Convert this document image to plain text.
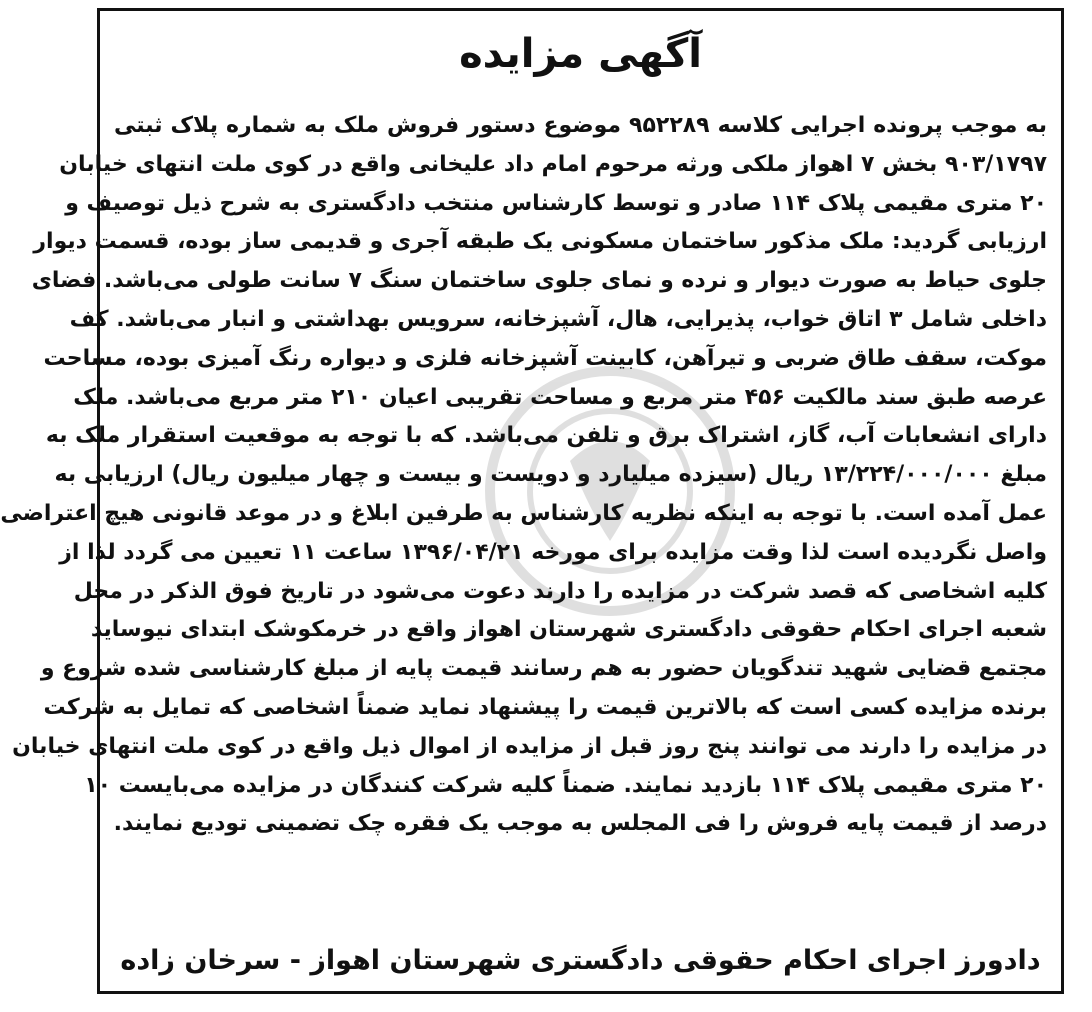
آگهی مزایده
به موجب پرونده اجرایی کلاسه ۹۵۲۲۸۹ موضوع دستور فروش ملک به شماره پلاک ثبتی
۹۰۳/۱۷۹۷ بخش ۷ اهواز ملکی ورثه مرحوم امام داد علیخانی واقع در کوی ملت انتهای خیابان
۲۰ متری مقیمی پلاک ۱۱۴ صادر و توسط کارشناس منتخب دادگستری به شرح ذیل توصیف و
ارزیابی گردید: ملک مذکور ساختمان مسکونی یک طبقه آجری و قدیمی ساز بوده، قسمت دیوار
جلوی حیاط به صورت دیوار و نرده و نمای جلوی ساختمان سنگ ۷ سانت طولی می‌باشد. فضای
داخلی شامل ۳ اتاق خواب، پذیرایی، هال، آشپزخانه، سرویس بهداشتی و انبار می‌باشد. کف
موکت، سقف طاق ضربی و تیرآهن، کابینت آشپزخانه فلزی و دیواره رنگ آمیزی بوده، مساحت
عرصه طبق سند مالکیت ۴۵۶ متر مربع و مساحت تقریبی اعیان ۲۱۰ متر مربع می‌باشد. ملک
دارای انشعابات آب، گاز، اشتراک برق و تلفن می‌باشد. که با توجه به موقعیت استقرار ملک به
مبلغ ۱۳/۲۲۴/۰۰۰/۰۰۰ ریال (سیزده میلیارد و دویست و بیست و چهار میلیون ریال) ارزیابی به
عمل آمده است. با توجه به اینکه نظریه کارشناس به طرفین ابلاغ و در موعد قانونی هیچ اعتراضی
واصل نگردیده است لذا وقت مزایده برای مورخه ۱۳۹۶/۰۴/۲۱ ساعت ۱۱ تعیین می گردد لذا از
کلیه اشخاصی که قصد شرکت در مزایده را دارند دعوت می‌شود در تاریخ فوق الذکر در محل
شعبه اجرای احکام حقوقی دادگستری شهرستان اهواز واقع در خرمکوشک ابتدای نیوساید
مجتمع قضایی شهید تندگویان حضور به هم رسانند قیمت پایه از مبلغ کارشناسی شده شروع و
برنده مزایده کسی است که بالاترین قیمت را پیشنهاد نماید ضمناً اشخاصی که تمایل به شرکت
در مزایده را دارند می توانند پنج روز قبل از مزایده از اموال ذیل واقع در کوی ملت انتهای خیابان
۲۰ متری مقیمی پلاک ۱۱۴ بازدید نمایند. ضمناً کلیه شرکت کنندگان در مزایده می‌بایست ۱۰
درصد از قیمت پایه فروش را فی المجلس به موجب یک فقره چک تضمینی تودیع نمایند.
دادورز اجرای احکام حقوقی دادگستری شهرستان اهواز - سرخان زاده
